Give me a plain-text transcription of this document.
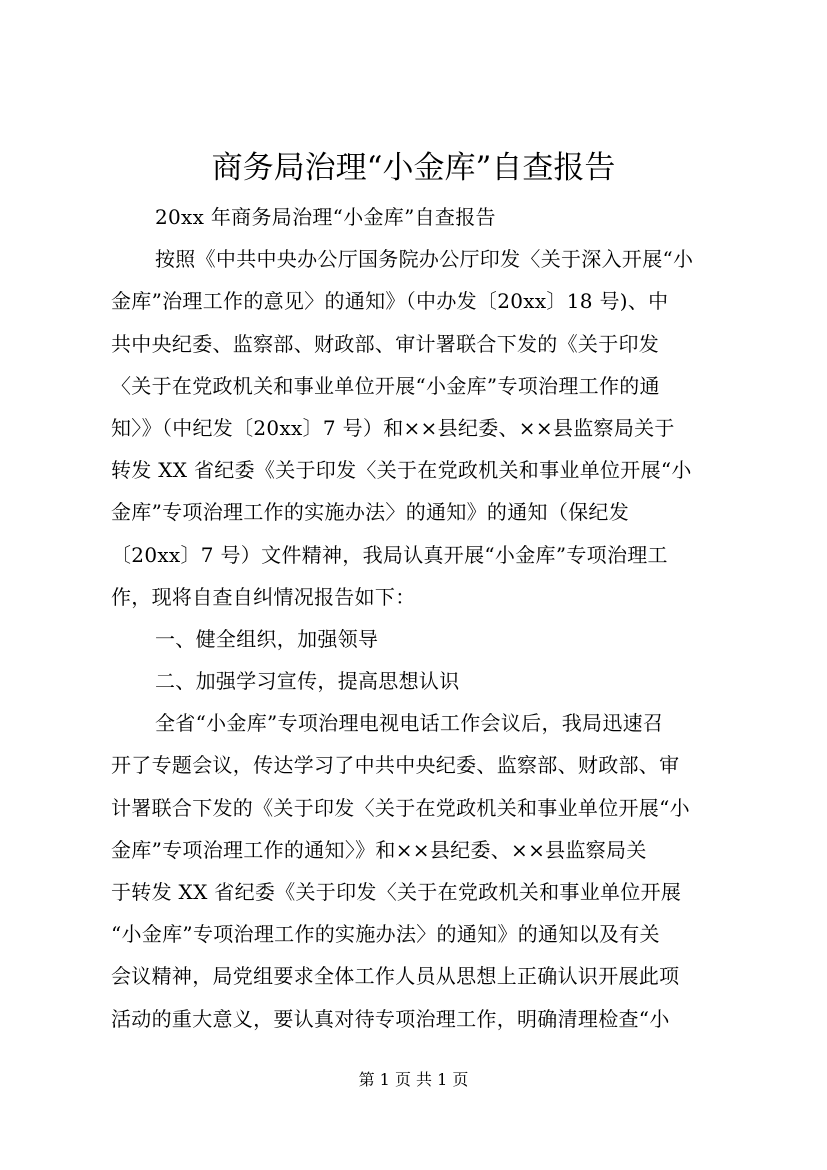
商务局治理“小金库”自查报告
20xx 年商务局治理“小金库”自查报告
按照《中共中央办公厅国务院办公厅印发〈关于深入开展“小
金库”治理工作的意见〉的通知》（中办发〔20xx〕18 号)、中
共中央纪委、监察部、财政部、审计署联合下发的《关于印发
〈关于在党政机关和事业单位开展“小金库”专项治理工作的通
知〉》（中纪发〔20xx〕7 号）和××县纪委、××县监察局关于
转发 XX 省纪委《关于印发〈关于在党政机关和事业单位开展“小
金库”专项治理工作的实施办法〉的通知》的通知（保纪发
〔20xx〕7 号）文件精神，我局认真开展“小金库”专项治理工
作，现将自查自纠情况报告如下：
一、健全组织，加强领导
二、加强学习宣传，提高思想认识
全省“小金库”专项治理电视电话工作会议后，我局迅速召
开了专题会议，传达学习了中共中央纪委、监察部、财政部、审
计署联合下发的《关于印发〈关于在党政机关和事业单位开展“小
金库”专项治理工作的通知〉》和××县纪委、××县监察局关
于转发 XX 省纪委《关于印发〈关于在党政机关和事业单位开展
“小金库”专项治理工作的实施办法〉的通知》的通知以及有关
会议精神，局党组要求全体工作人员从思想上正确认识开展此项
活动的重大意义，要认真对待专项治理工作，明确清理检查“小
第 1 页 共 1 页
